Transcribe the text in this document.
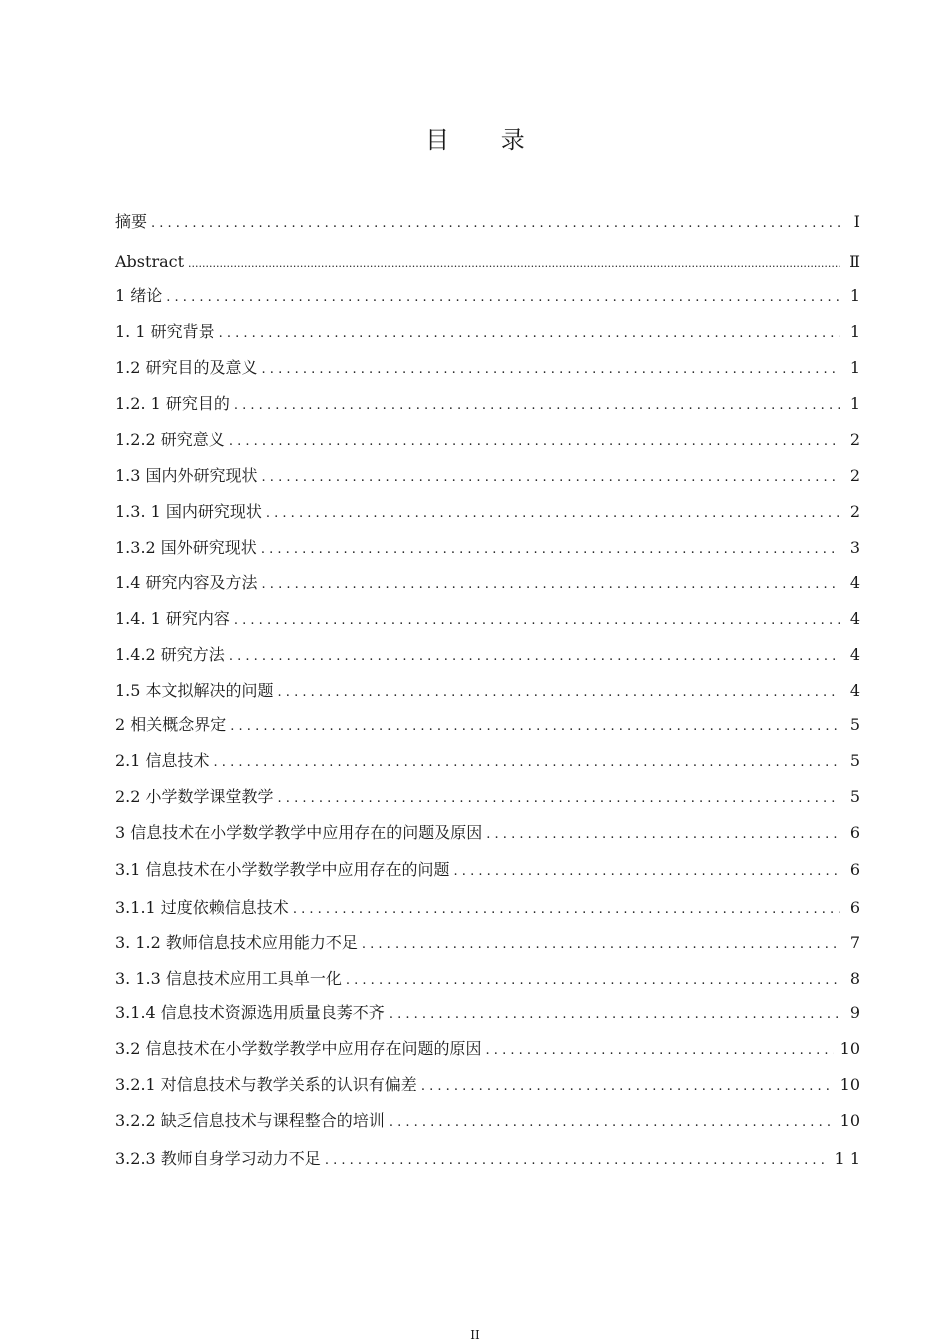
目 录
摘要 . . .	Ⅰ
Abstract .....	Ⅱ
1 绪论 . . .	1
1. 1 研究背景 . . .	1
1.2 研究目的及意义 . . .	1
1.2. 1 研究目的 . . .	1
1.2.2 研究意义 . . .	2
1.3 国内外研究现状 . . .	2
1.3. 1 国内研究现状 . . .	2
1.3.2 国外研究现状 . . .	3
1.4 研究内容及方法 . . .	4
1.4. 1 研究内容 . . .	4
1.4.2 研究方法 . . .	4
1.5 本文拟解决的问题 . . .	4
2 相关概念界定 . . .	5
2.1 信息技术 . . .	5
2.2 小学数学课堂教学 . . .	5
3 信息技术在小学数学教学中应用存在的问题及原因 . . .	6
3.1 信息技术在小学数学教学中应用存在的问题 . . .	6
3.1.1 过度依赖信息技术 . . .	6
3. 1.2 教师信息技术应用能力不足 . . .	7
3. 1.3 信息技术应用工具单一化 . . .	8
3.1.4 信息技术资源选用质量良莠不齐 . . .	9
3.2 信息技术在小学数学教学中应用存在问题的原因 . . .	10
3.2.1 对信息技术与教学关系的认识有偏差 . . .	10
3.2.2 缺乏信息技术与课程整合的培训 . . .	10
3.2.3 教师自身学习动力不足 . . .	1 1
II
